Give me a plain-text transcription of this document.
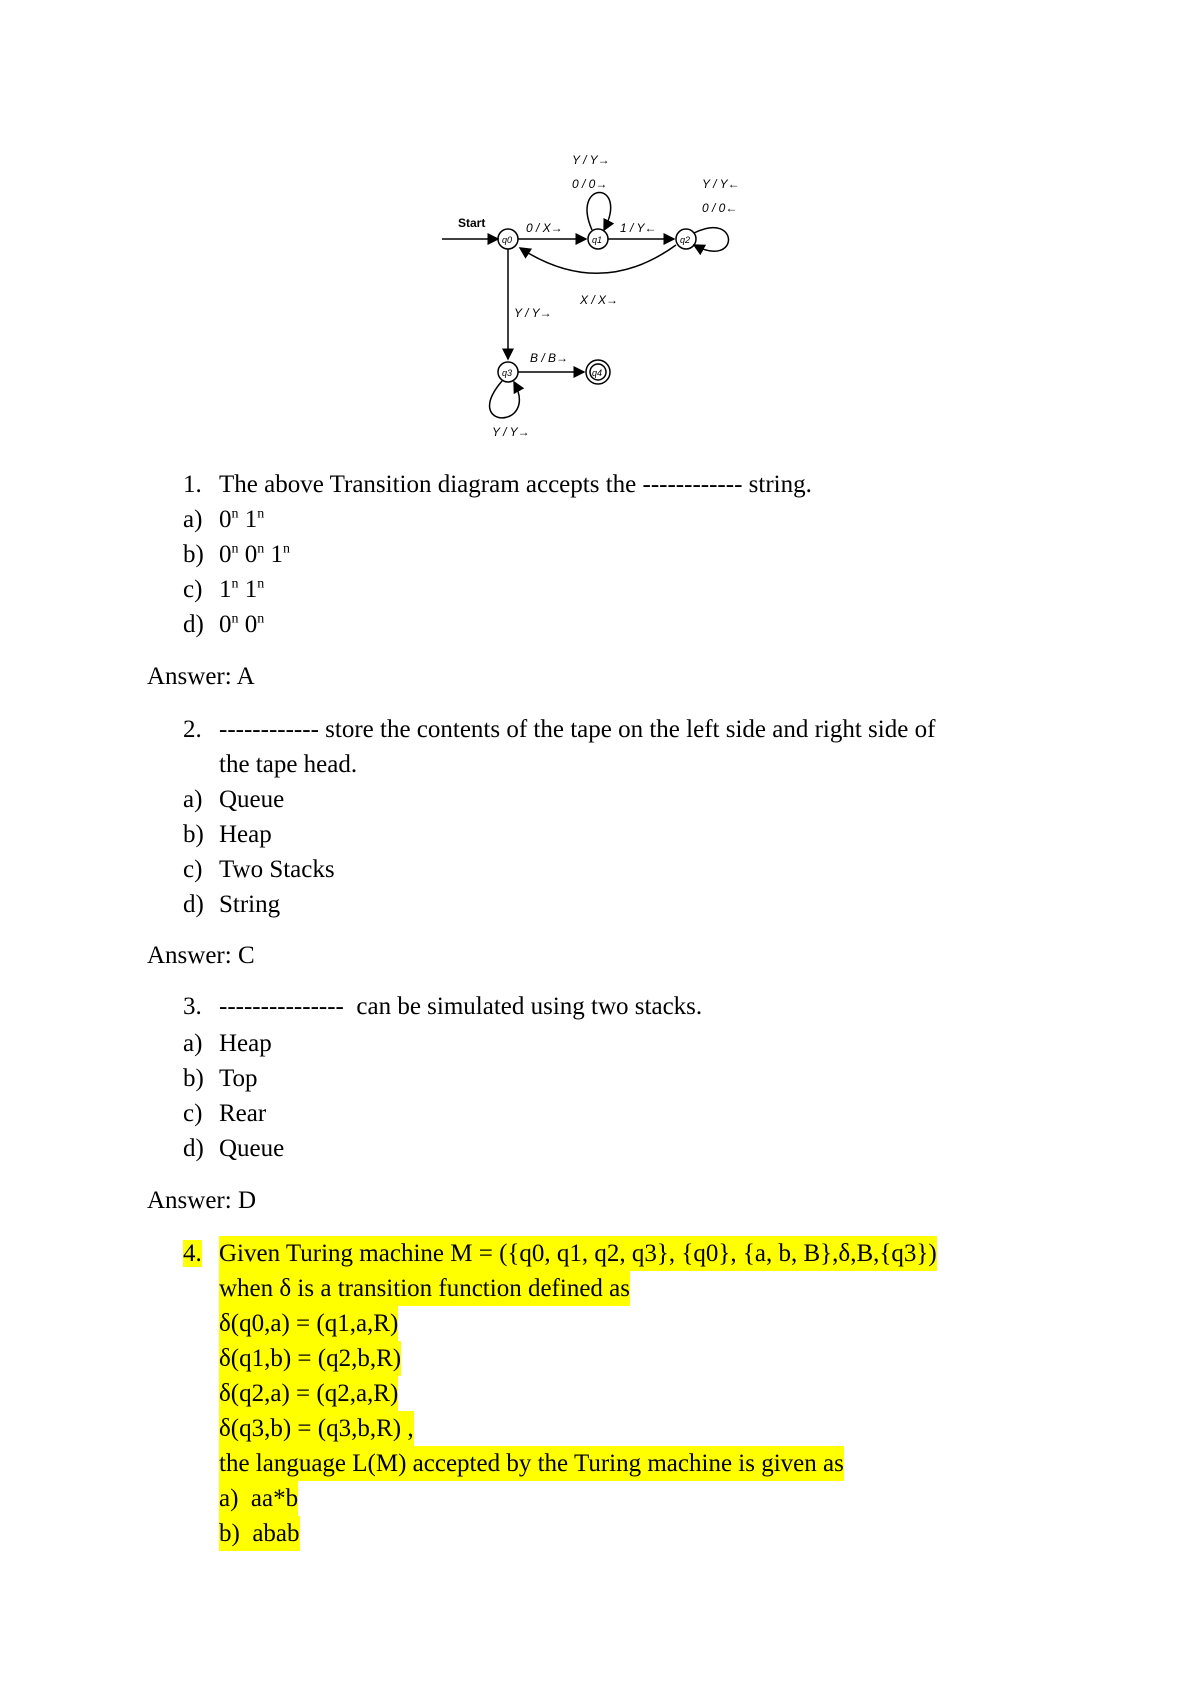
Start
q0	q1	q2
q3	q4
Y / Y→
0 / 0→	Y / Y←
0 / 0←
0 / X→	1 / Y←
X / X→
Y / Y→
B / B→
Y / Y→
1. The above Transition diagram accepts the ------------ string.
a) 0$^n$ 1$^n$
b) 0$^n$ 0$^n$ 1$^n$
c) 1$^n$ 1$^n$
d) 0$^n$ 0$^n$
Answer: A
2. ------------ store the contents of the tape on the left side and right side of
the tape head.
a) Queue
b) Heap
c) Two Stacks
d) String
Answer: C
3. ---------------  can be simulated using two stacks.
a) Heap
b) Top
c) Rear
d) Queue
Answer: D
4. Given Turing machine M = ({q0, q1, q2, q3}, {q0}, {a, b, B},δ,B,{q3})
when δ is a transition function defined as
δ(q0,a) = (q1,a,R)
δ(q1,b) = (q2,b,R)
δ(q2,a) = (q2,a,R)
δ(q3,b) = (q3,b,R) ,
the language L(M) accepted by the Turing machine is given as
a) aa*b
b) abab
